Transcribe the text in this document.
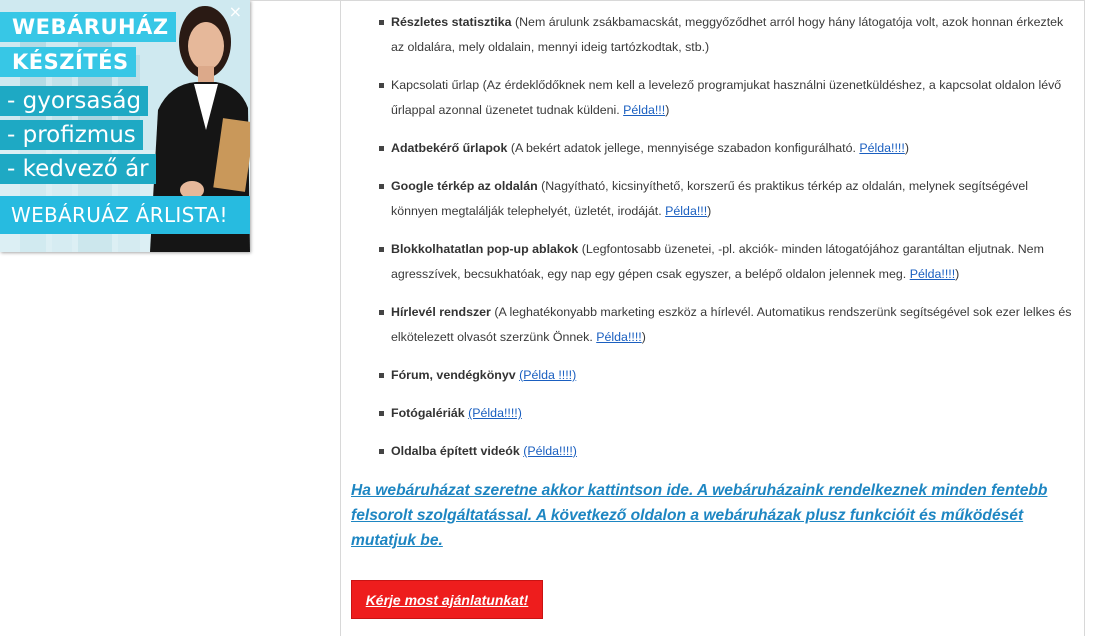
×
WEBÁRUHÁZ
KÉSZÍTÉS
- gyorsaság
- profizmus
- kedvező ár
WEBÁRUÁZ ÁRLISTA!
Részletes statisztika (Nem árulunk zsákbamacskát, meggyőződhet arról hogy hány látogatója volt, azok honnan érkeztek az oldalára, mely oldalain, mennyi ideig tartózkodtak, stb.)
Kapcsolati űrlap (Az érdeklődőknek nem kell a levelező programjukat használni üzenetküldéshez, a kapcsolat oldalon lévő űrlappal azonnal üzenetet tudnak küldeni. Példa!!!)
Adatbekérő űrlapok (A bekért adatok jellege, mennyisége szabadon konfigurálható. Példa!!!!)
Google térkép az oldalán (Nagyítható, kicsinyíthető, korszerű és praktikus térkép az oldalán, melynek segítségével könnyen megtalálják telephelyét, üzletét, irodáját. Példa!!!)
Blokkolhatatlan pop-up ablakok (Legfontosabb üzenetei, -pl. akciók- minden látogatójához garantáltan eljutnak. Nem agresszívek, becsukhatóak, egy nap egy gépen csak egyszer, a belépő oldalon jelennek meg. Példa!!!!)
Hírlevél rendszer (A leghatékonyabb marketing eszköz a hírlevél. Automatikus rendszerünk segítségével sok ezer lelkes és elkötelezett olvasót szerzünk Önnek. Példa!!!!)
Fórum, vendégkönyv (Példa !!!!)
Fotógalériák (Példa!!!!)
Oldalba épített videók (Példa!!!!)
Ha webáruházat szeretne akkor kattintson ide. A webáruházaink rendelkeznek minden fentebb felsorolt szolgáltatással. A következő oldalon a webáruházak plusz funkcióit és működését mutatjuk be.
Kérje most ajánlatunkat!
